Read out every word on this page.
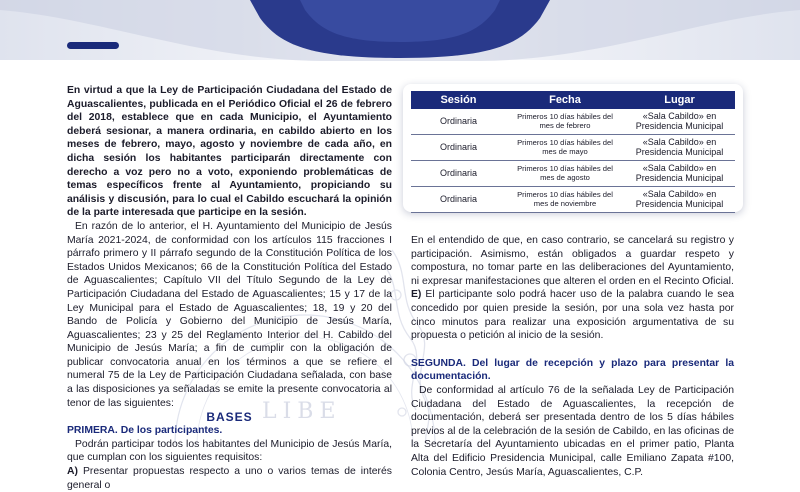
LIBE

En virtud a que la Ley de Participación Ciudadana del Estado de Aguascalientes, publicada en el Periódico Oficial el 26 de febrero del 2018, establece que en cada Municipio, el Ayuntamiento deberá sesionar, a manera ordinaria, en cabildo abierto en los meses de febrero, mayo, agosto y noviembre de cada año, en dicha sesión los habitantes participarán directamente con derecho a voz pero no a voto, exponiendo problemáticas de temas específicos frente al Ayuntamiento, propiciando su análisis y discusión, para lo cual el Cabildo escuchará la opinión de la parte interesada que participe en la sesión.

En razón de lo anterior, el H. Ayuntamiento del Municipio de Jesús María 2021-2024, de conformidad con los artículos 115 fracciones I párrafo primero y II párrafo segundo de la Constitución Política de los Estados Unidos Mexicanos; 66 de la Constitución Política del Estado de Aguascalientes; Capítulo VII del Título Segundo de la Ley de Participación Ciudadana del Estado de Aguascalientes; 15 y 17 de la Ley Municipal para el Estado de Aguascalientes; 18, 19 y 20 del Bando de Policía y Gobierno del Municipio de Jesús María, Aguascalientes; 23 y 25 del Reglamento Interior del H. Cabildo del Municipio de Jesús María; a fin de cumplir con la obligación de publicar convocatoria anual en los términos a que se refiere el numeral 75 de la Ley de Participación Ciudadana señalada, con base a las disposiciones ya señaladas se emite la presente convocatoria al tenor de las siguientes:

BASES

PRIMERA. De los participantes.

Podrán participar todos los habitantes del Municipio de Jesús María, que cumplan con los siguientes requisitos:

A) Presentar propuestas respecto a uno o varios temas de interés general o

Sesión	Fecha	Lugar
Ordinaria	Primeros 10 días hábiles del mes de febrero	«Sala Cabildo» en Presidencia Municipal
Ordinaria	Primeros 10 días hábiles del mes de mayo	«Sala Cabildo» en Presidencia Municipal
Ordinaria	Primeros 10 días hábiles del mes de agosto	«Sala Cabildo» en Presidencia Municipal
Ordinaria	Primeros 10 días hábiles del mes de noviembre	«Sala Cabildo» en Presidencia Municipal

En el entendido de que, en caso contrario, se cancelará su registro y participación. Asimismo, están obligados a guardar respeto y compostura, no tomar parte en las deliberaciones del Ayuntamiento, ni expresar manifestaciones que alteren el orden en el Recinto Oficial.

E) El participante solo podrá hacer uso de la palabra cuando le sea concedido por quien preside la sesión, por una sola vez hasta por cinco minutos para realizar una exposición argumentativa de su propuesta o petición al inicio de la sesión.

SEGUNDA. Del lugar de recepción y plazo para presentar la documentación.

De conformidad al artículo 76 de la señalada Ley de Participación Ciudadana del Estado de Aguascalientes, la recepción de documentación, deberá ser presentada dentro de los 5 días hábiles previos al de la celebración de la sesión de Cabildo, en las oficinas de la Secretaría del Ayuntamiento ubicadas en el primer patio, Planta Alta del Edificio Presidencia Municipal, calle Emiliano Zapata #100, Colonia Centro, Jesús María, Aguascalientes, C.P.
